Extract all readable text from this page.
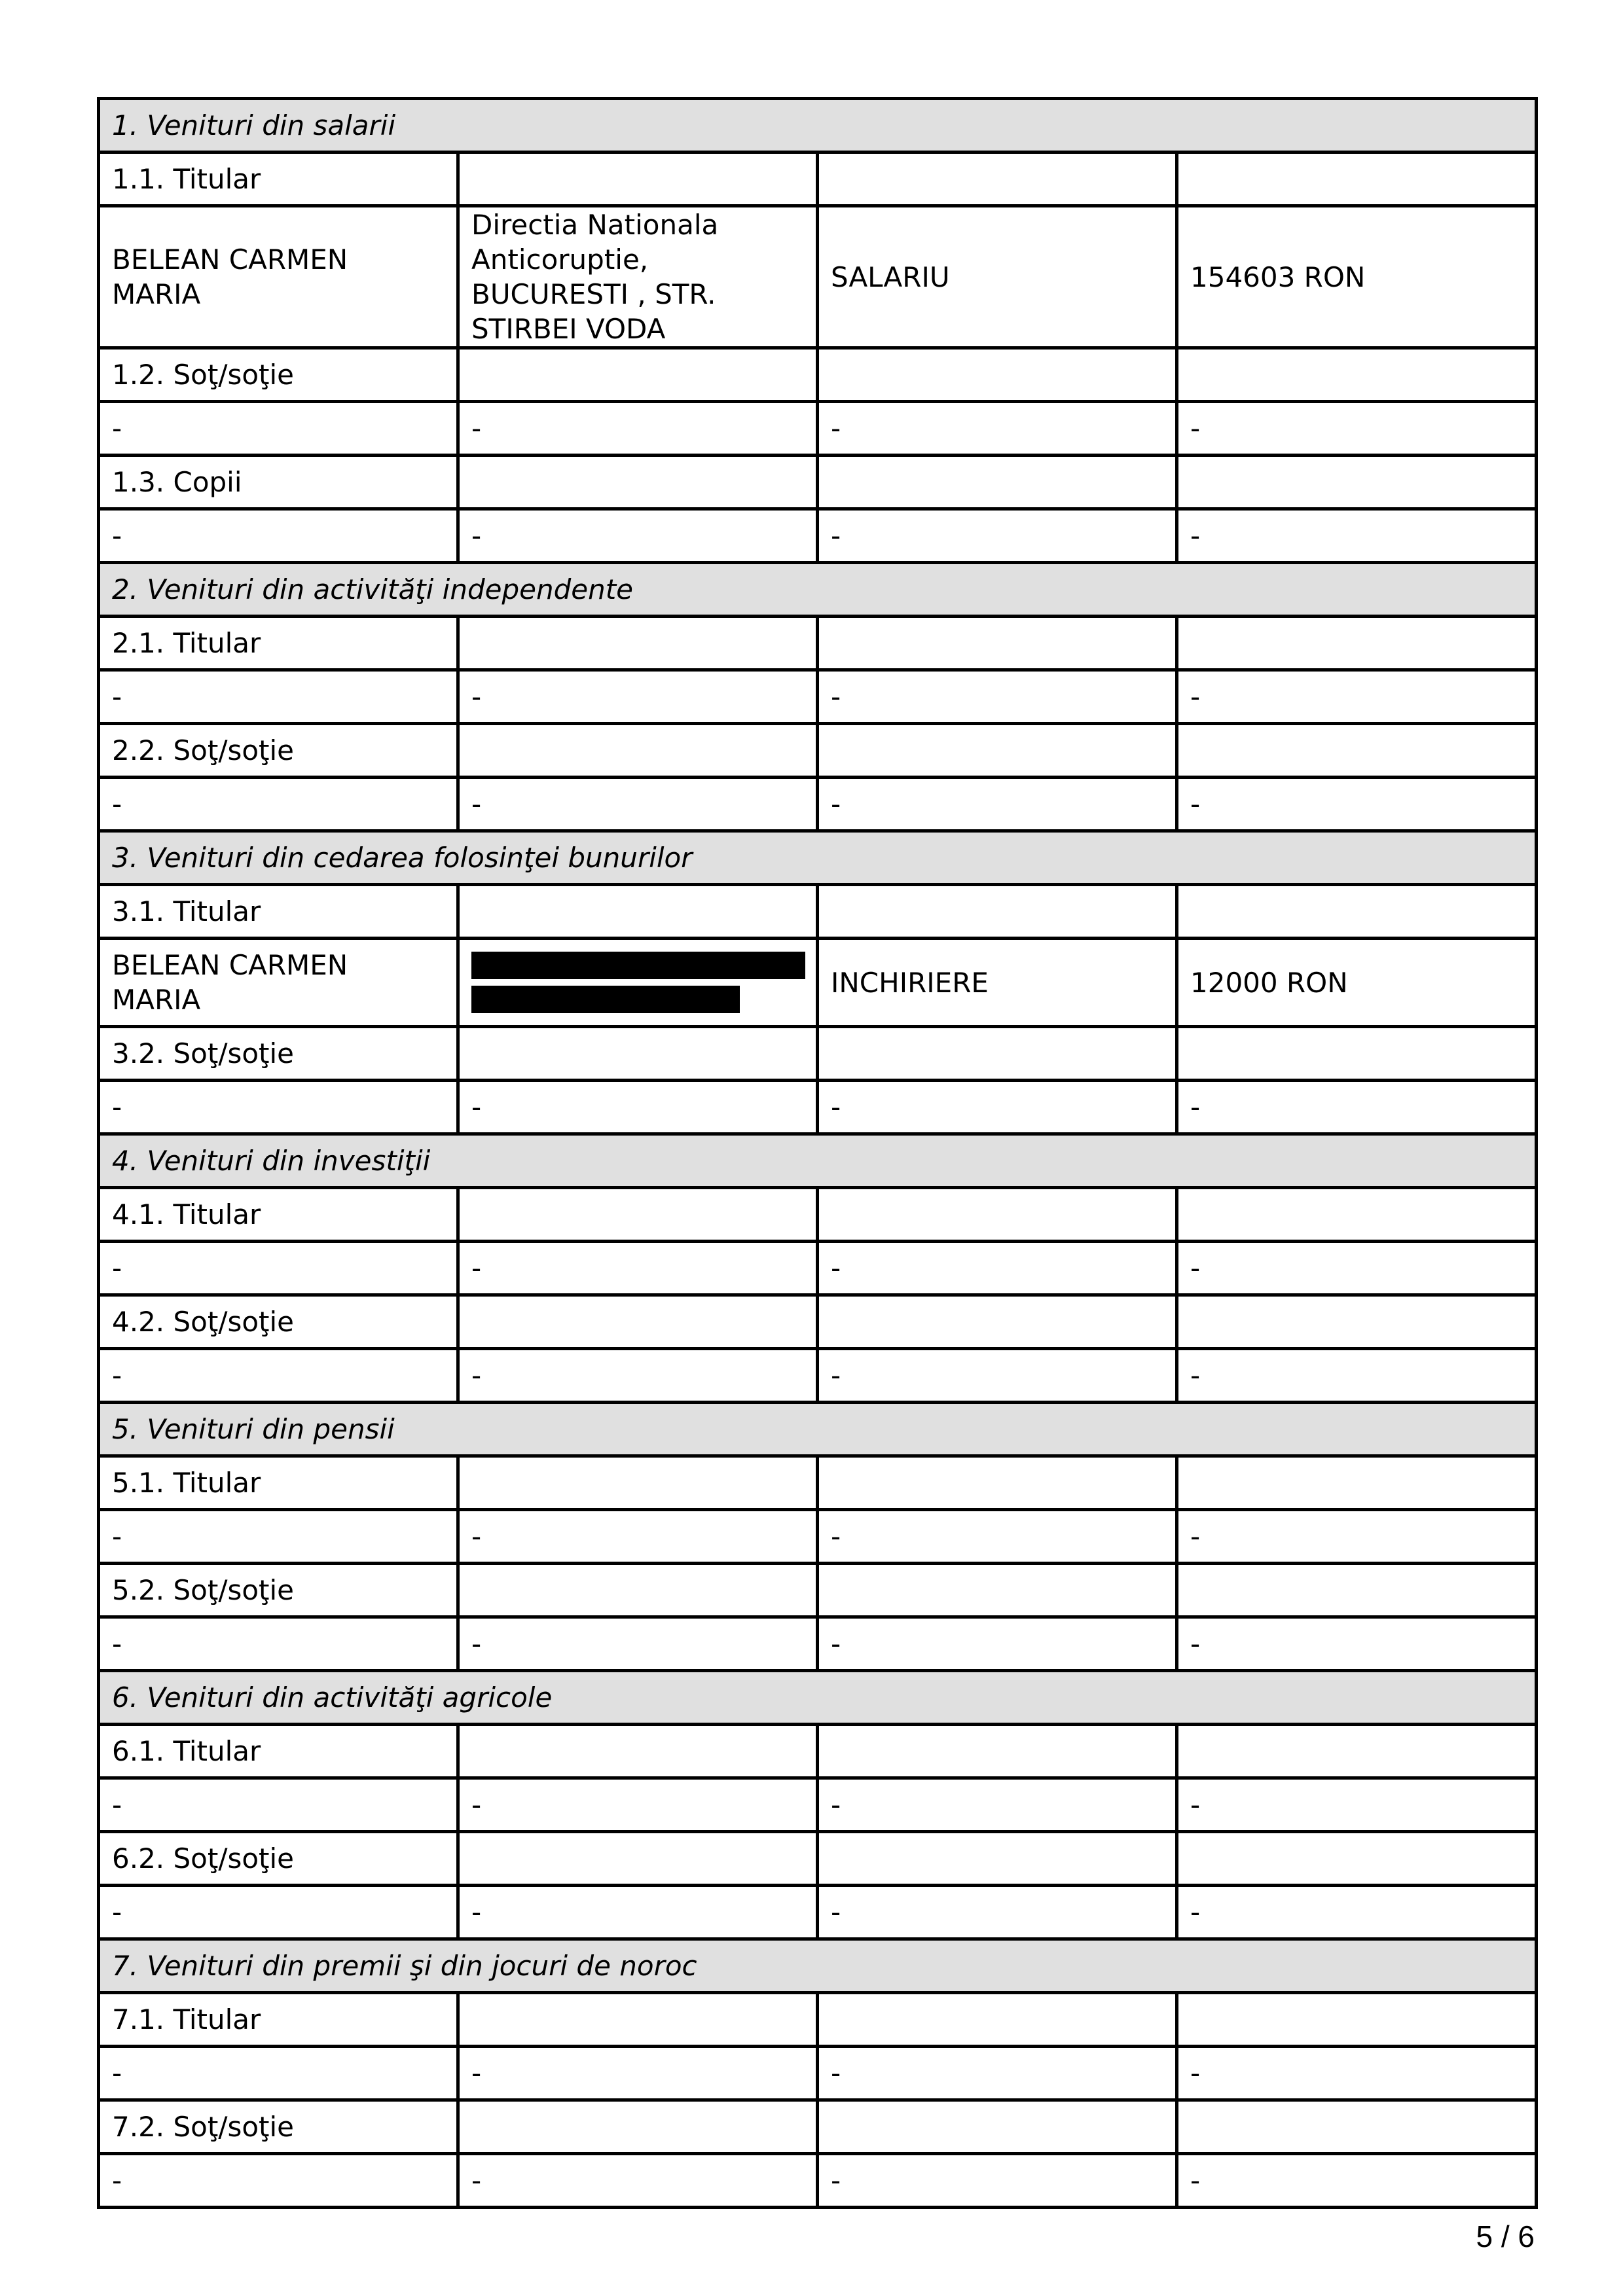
1. Venituri din salarii			
1.1. Titular			
BELEAN CARMEN MARIA	Directia Nationala Anticoruptie, BUCURESTI , STR. STIRBEI VODA	SALARIU	154603 RON
1.2. Soţ/soţie			
-	-	-	-
1.3. Copii			
-	-	-	-
2. Venituri din activităţi independente			
2.1. Titular			
-	-	-	-
2.2. Soţ/soţie			
-	-	-	-
3. Venituri din cedarea folosinţei bunurilor			
3.1. Titular			
BELEAN CARMEN MARIA		INCHIRIERE	12000 RON
3.2. Soţ/soţie			
-	-	-	-
4. Venituri din investiţii			
4.1. Titular			
-	-	-	-
4.2. Soţ/soţie			
-	-	-	-
5. Venituri din pensii			
5.1. Titular			
-	-	-	-
5.2. Soţ/soţie			
-	-	-	-
6. Venituri din activităţi agricole			
6.1. Titular			
-	-	-	-
6.2. Soţ/soţie			
-	-	-	-
7. Venituri din premii şi din jocuri de noroc			
7.1. Titular			
-	-	-	-
7.2. Soţ/soţie			
-	-	-	-
5 / 6
